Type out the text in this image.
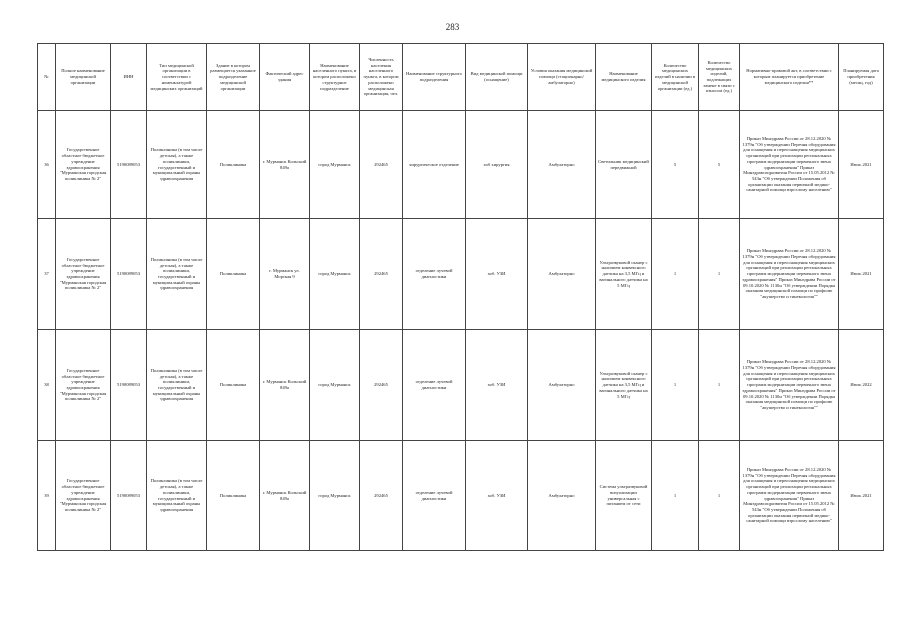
283
№	Полное наименование медицинской организации	ИНН	Тип медицинской организации в соответствии с номенклатурой медицинских организаций	Здание в котором размещается указанное подразделение медицинской организации	Фактический адрес здания	Наименование населенного пункта, в котором расположено структурное подразделение	Численность населения населенного пункта, в котором расположено медицинская организация, чел.	Наименование структурного подразделения	Вид медицинской помощи (оснащение)	Условия оказания медицинской помощи (стационарно/ амбулаторно)	Наименование медицинского изделия	Количество медицинских изделий в наличии в медицинской организации (ед.)	Количество медицинских изделий, подлежащих замене в связи с износом (ед.)	Нормативно-правовой акт, в соответствии с которым планируется приобретение медицинского изделия**	Планируемая дата приобретения (месяц, год)
36	Государственное областное бюджетное учреждение здравоохранения "Мурманская городская поликлиника № 2"	5190089053	Поликлиника (в том числе детская), а также поликлиники, государственный и муниципальный охраны здравоохранения	Поликлиника	г. Мурманск Кольский 849а	город Мурманск	292465	хирургическое отделение	хоб хирургия	Амбулаторно	Светильник медицинский передвижной	5	5	Приказ Минздрава России от 28.12.2020 № 1379н "Об утверждении Перечня оборудования для оснащения и переоснащения медицинских организаций при реализации региональных программ модернизации первичного звена здравоохранения" Приказ Минздравсоцразвития России от 15.05.2012 № 543н "Об утверждении Положения об организации оказания первичной медико-санитарной помощи взрослому населению"	Июль 2021
37	Государственное областное бюджетное учреждение здравоохранения "Мурманская городская поликлиника № 2"	5190089053	Поликлиника (в том числе детская), а также поликлиники, государственный и муниципальный охраны здравоохранения	Поликлиника	г. Мурманск ул. Морская 9	город Мурманск	292465	отделение лучевой диагностики	хоб. УЗИ	Амбулаторно	Ультразвуковой сканер с наличием конвексного датчика на 3,5 МГц и вагинального датчика на 5 МГц	1	1	Приказ Минздрава России от 28.12.2020 № 1379н "Об утверждении Перечня оборудования для оснащения и переоснащения медицинских организаций при реализации региональных программ модернизации первичного звена здравоохранения" Приказ Минздрава России от 09.10.2020 № 1130н "Об утверждении Порядка оказания медицинской помощи по профилю "акушерство и гинекология""	Июль 2021
38	Государственное областное бюджетное учреждение здравоохранения "Мурманская городская поликлиника № 2"	5190089053	Поликлиника (в том числе детская), а также поликлиники, государственный и муниципальный охраны здравоохранения	Поликлиника	г. Мурманск Кольский 849а	город Мурманск	292465	отделение лучевой диагностики	хоб. УЗИ	Амбулаторно	Ультразвуковой сканер с наличием конвексного датчика на 3,5 МГц и вагинального датчика на 5 МГц	1	1	Приказ Минздрава России от 28.12.2020 № 1379н "Об утверждении Перечня оборудования для оснащения и переоснащения медицинских организаций при реализации региональных программ модернизации первичного звена здравоохранения" Приказ Минздрава России от 09.10.2020 № 1130н "Об утверждении Порядка оказания медицинской помощи по профилю "акушерство и гинекология""	Июль 2022
39	Государственное областное бюджетное учреждение здравоохранения "Мурманская городская поликлиника № 2"	5190089053	Поликлиника (в том числе детская), а также поликлиники, государственный и муниципальный охраны здравоохранения	Поликлиника	г. Мурманск Кольский 849а	город Мурманск	292465	отделение лучевой диагностики	хоб. УЗИ	Амбулаторно	Система ультразвуковой визуализации универсальная с питанием от сети	1	1	Приказ Минздрава России от 28.12.2020 № 1379н "Об утверждении Перечня оборудования для оснащения и переоснащения медицинских организаций при реализации региональных программ модернизации первичного звена здравоохранения" Приказ Минздравсоцразвития России от 15.05.2012 № 543н "Об утверждении Положения об организации оказания первичной медико-санитарной помощи взрослому населению"	Июль 2021
